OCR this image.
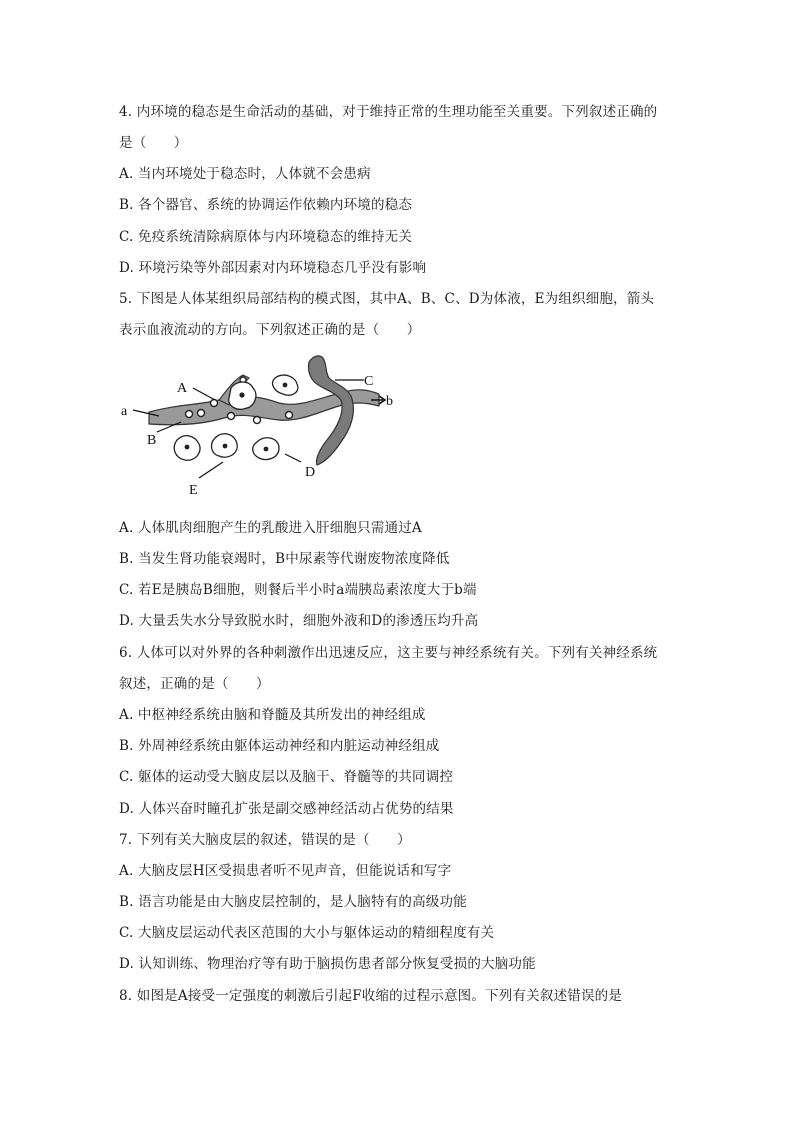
4. 内环境的稳态是生命活动的基础，对于维持正常的生理功能至关重要。下列叙述正确的
是（　　）
A. 当内环境处于稳态时，人体就不会患病
B. 各个器官、系统的协调运作依赖内环境的稳态
C. 免疫系统清除病原体与内环境稳态的维持无关
D. 环境污染等外部因素对内环境稳态几乎没有影响
5. 下图是人体某组织局部结构的模式图，其中A、B、C、D为体液，E为组织细胞，箭头
表示血液流动的方向。下列叙述正确的是（　　）
A
a
B
C
b
D
E
A. 人体肌肉细胞产生的乳酸进入肝细胞只需通过A
B. 当发生肾功能衰竭时，B中尿素等代谢废物浓度降低
C. 若E是胰岛B细胞，则餐后半小时a端胰岛素浓度大于b端
D. 大量丢失水分导致脱水时，细胞外液和D的渗透压均升高
6. 人体可以对外界的各种刺激作出迅速反应，这主要与神经系统有关。下列有关神经系统
叙述，正确的是（　　）
A. 中枢神经系统由脑和脊髓及其所发出的神经组成
B. 外周神经系统由躯体运动神经和内脏运动神经组成
C. 躯体的运动受大脑皮层以及脑干、脊髓等的共同调控
D. 人体兴奋时瞳孔扩张是副交感神经活动占优势的结果
7. 下列有关大脑皮层的叙述，错误的是（　　）
A. 大脑皮层H区受损患者听不见声音，但能说话和写字
B. 语言功能是由大脑皮层控制的，是人脑特有的高级功能
C. 大脑皮层运动代表区范围的大小与躯体运动的精细程度有关
D. 认知训练、物理治疗等有助于脑损伤患者部分恢复受损的大脑功能
8. 如图是A接受一定强度的刺激后引起F收缩的过程示意图。下列有关叙述错误的是
